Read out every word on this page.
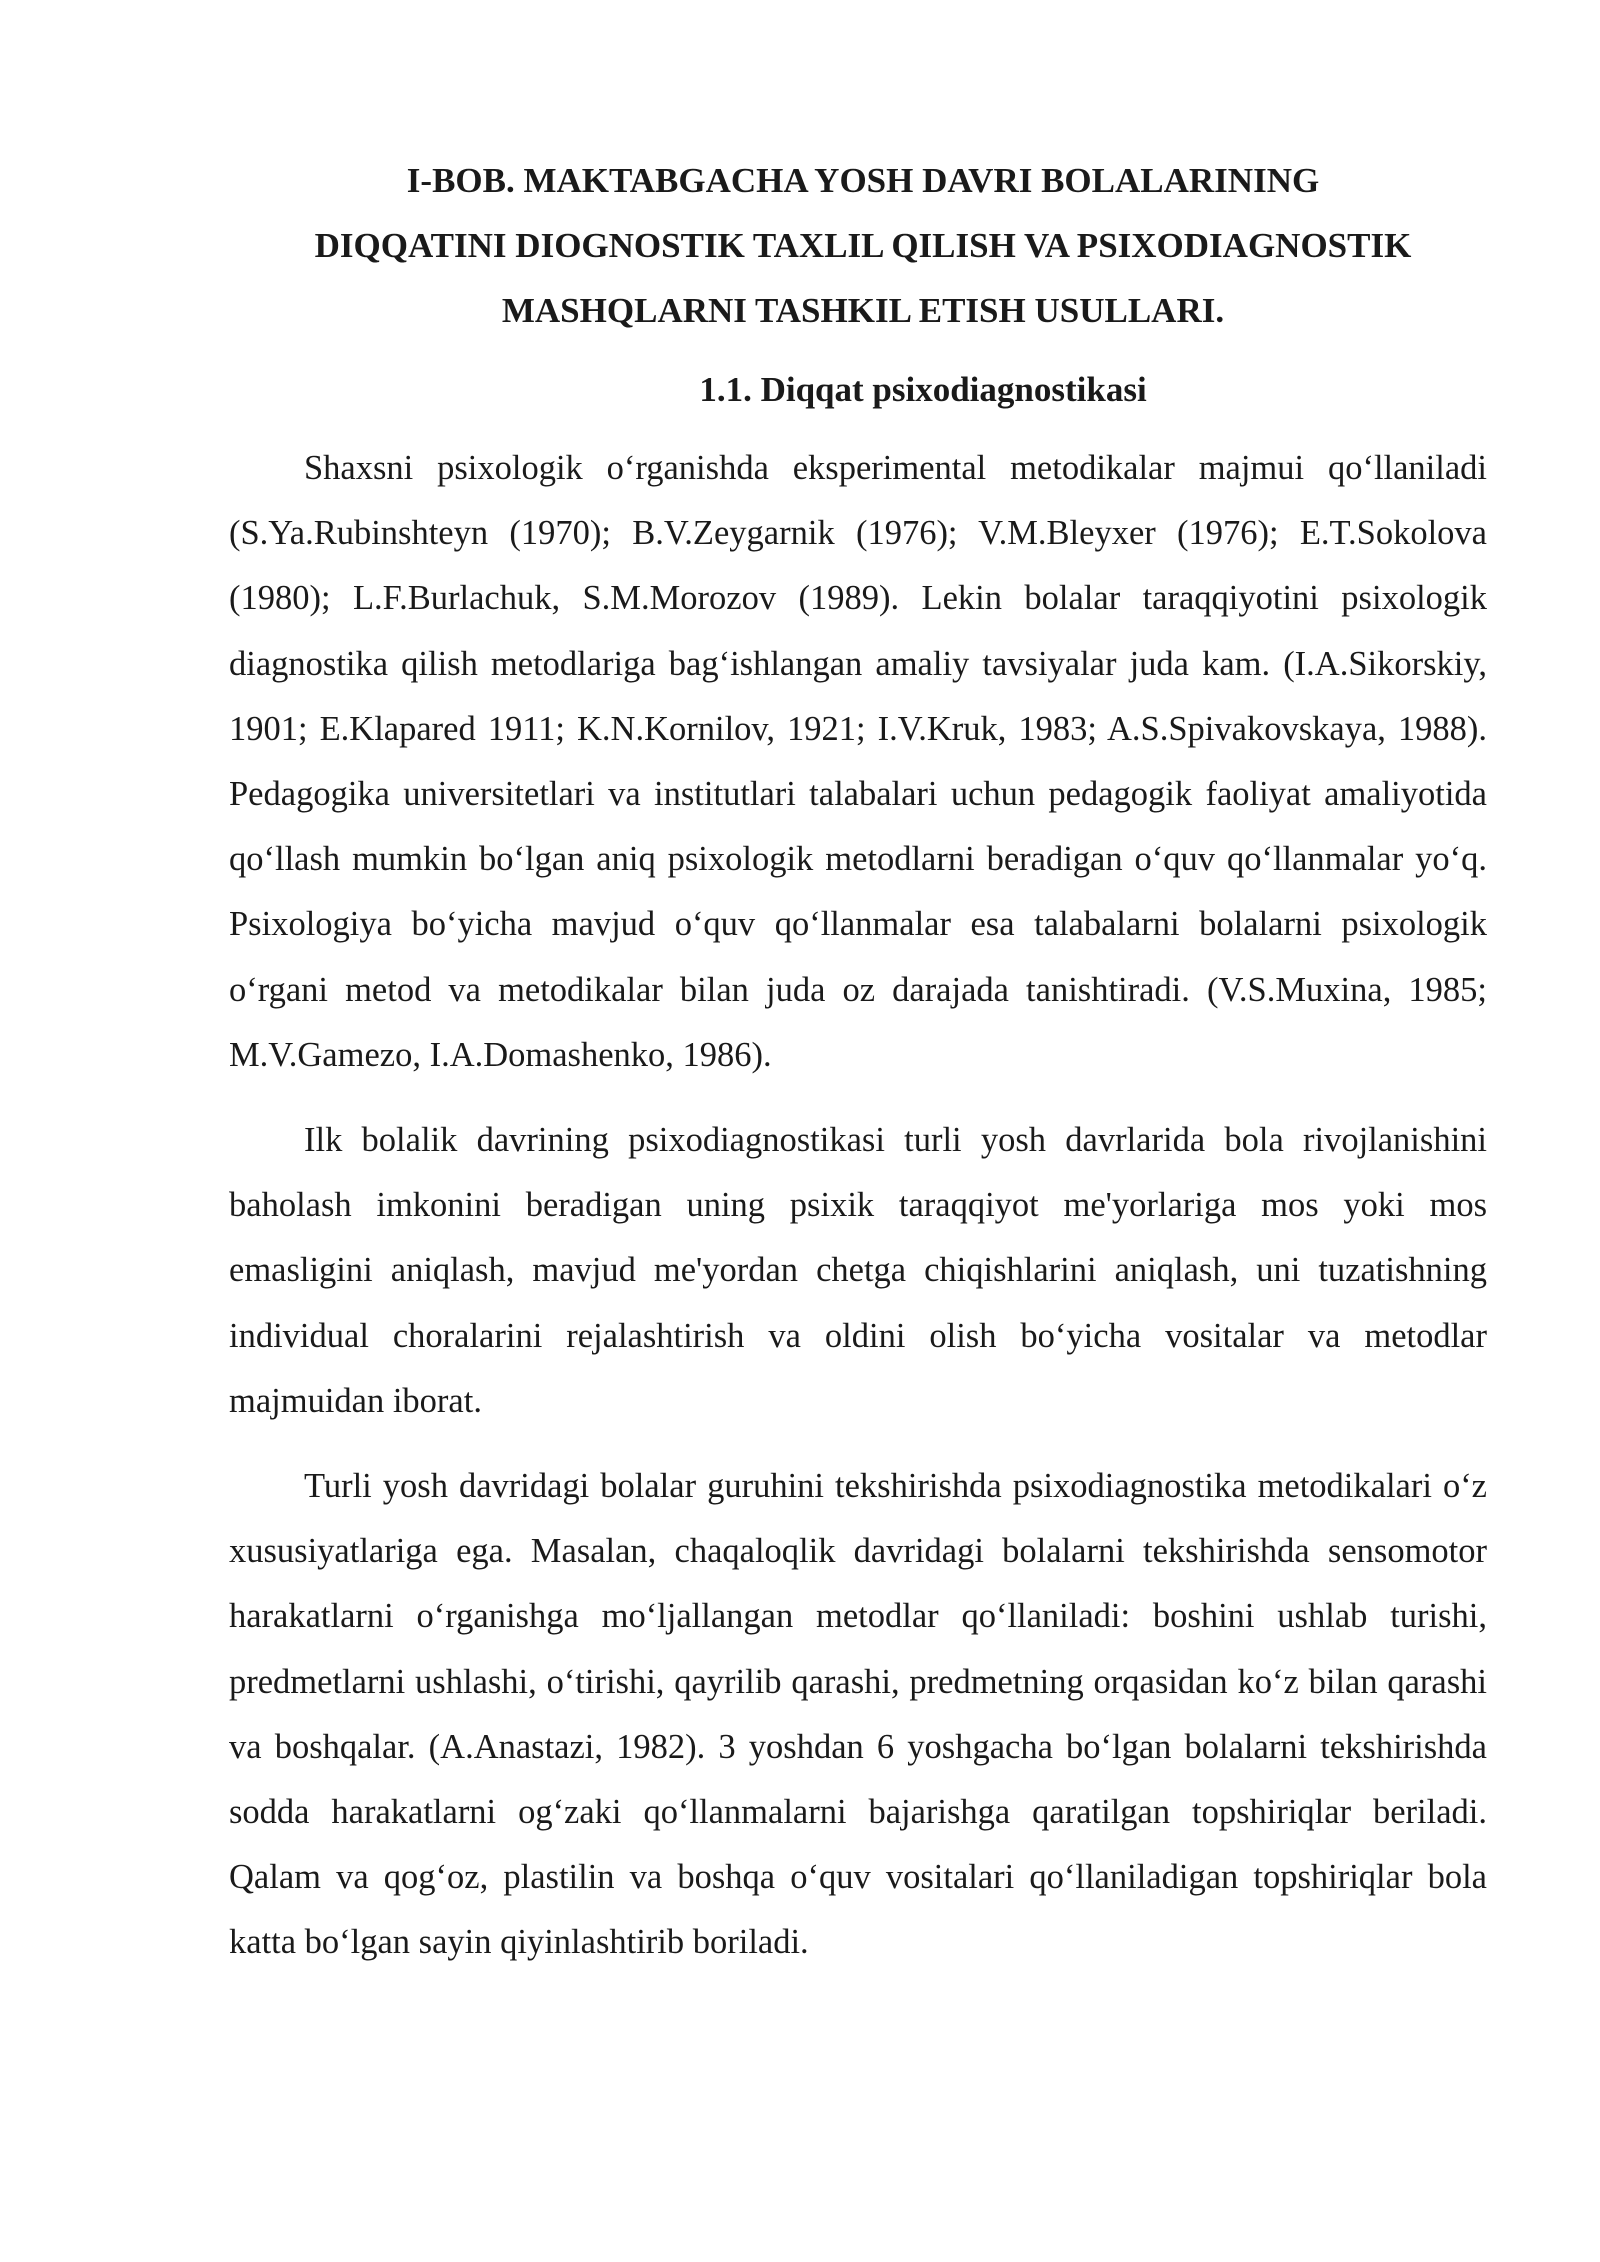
I-BOB. MAKTABGACHA YOSH DAVRI BOLALARINING

DIQQATINI DIOGNOSTIK TAXLIL QILISH VA PSIXODIAGNOSTIK

MASHQLARNI TASHKIL ETISH USULLARI.

1.1. Diqqat psixodiagnostikasi

Shaxsni psixologik o‘rganishda eksperimental metodikalar majmui qo‘llaniladi (S.Ya.Rubinshteyn (1970); B.V.Zeygarnik (1976); V.M.Bleyxer (1976); E.T.Sokolova (1980); L.F.Burlachuk, S.M.Morozov (1989). Lekin bolalar taraqqiyotini psixologik diagnostika qilish metodlariga bag‘ishlangan amaliy tavsiyalar juda kam. (I.A.Sikorskiy, 1901; E.Klapared 1911; K.N.Kornilov, 1921; I.V.Kruk, 1983; A.S.Spivakovskaya, 1988). Pedagogika universitetlari va institutlari talabalari uchun pedagogik faoliyat amaliyotida qo‘llash mumkin bo‘lgan aniq psixologik metodlarni beradigan o‘quv qo‘llanmalar yo‘q. Psixologiya bo‘yicha mavjud o‘quv qo‘llanmalar esa talabalarni bolalarni psixologik o‘rgani metod va metodikalar bilan juda oz darajada tanishtiradi. (V.S.Muxina, 1985; M.V.Gamezo, I.A.Domashenko, 1986).

Ilk bolalik davrining psixodiagnostikasi turli yosh davrlarida bola rivojlanishini baholash imkonini beradigan uning psixik taraqqiyot me'yorlariga mos yoki mos emasligini aniqlash, mavjud me'yordan chetga chiqishlarini aniqlash, uni tuzatishning individual choralarini rejalashtirish va oldini olish bo‘yicha vositalar va metodlar majmuidan iborat.

Turli yosh davridagi bolalar guruhini tekshirishda psixodiagnostika metodikalari o‘z xususiyatlariga ega. Masalan, chaqaloqlik davridagi bolalarni tekshirishda sensomotor harakatlarni o‘rganishga mo‘ljallangan metodlar qo‘llaniladi: boshini ushlab turishi, predmetlarni ushlashi, o‘tirishi, qayrilib qarashi, predmetning orqasidan ko‘z bilan qarashi va boshqalar. (A.Anastazi, 1982). 3 yoshdan 6 yoshgacha bo‘lgan bolalarni tekshirishda sodda harakatlarni og‘zaki qo‘llanmalarni bajarishga qaratilgan topshiriqlar beriladi. Qalam va qog‘oz, plastilin va boshqa o‘quv vositalari qo‘llaniladigan topshiriqlar bola katta bo‘lgan sayin qiyinlashtirib boriladi.
